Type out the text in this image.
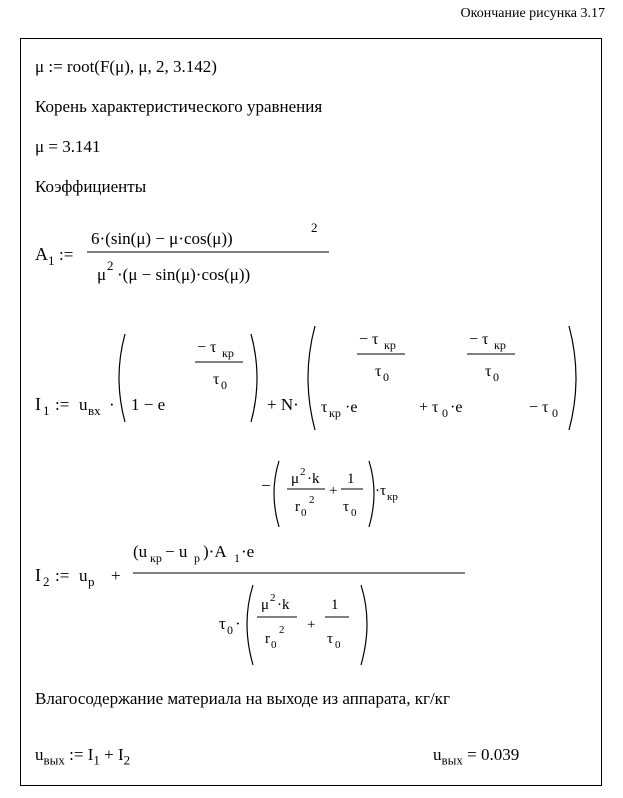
Окончание рисунка 3.17
μ := root(F(μ), μ, 2, 3.142)
Корень характеристического уравнения
μ = 3.141
Коэффициенты
A 1 :=
6·(sin(μ) − μ·cos(μ))
2
μ 2 ·(μ − sin(μ)·cos(μ))
I 1 := u вх · 1 − e
− τ кр
τ 0
+ N· τ кр ·e
− τ кр
τ 0
+ τ 0 ·e
− τ кр
τ 0
− τ 0
I 2 := u р +
(u кр − u р )·A 1 ·e
− μ 2 ·k
r 0
2
+
1
τ 0
·τ кр
τ 0 ·
μ 2 ·k
r 0
2 +
1
τ 0
Влагосодержание материала на выходе из аппарата, кг/кг
$u_{вых}$ := $I_1 + I_2$	$u_{вых} = 0.039$
